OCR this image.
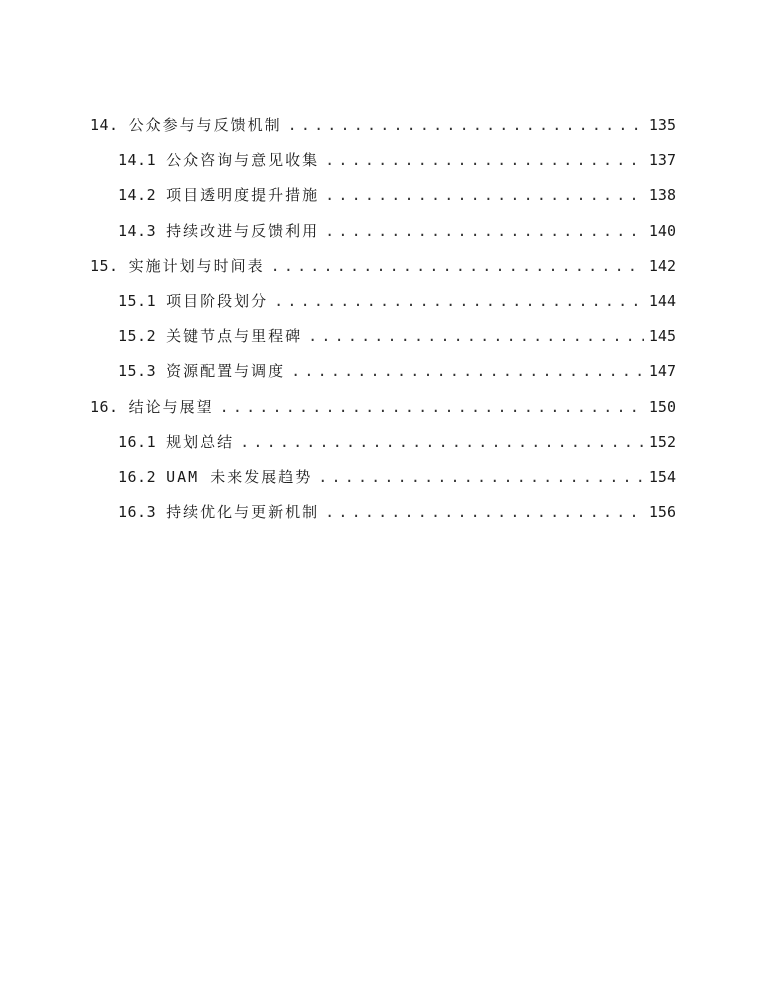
14. 公众参与与反馈机制 .....	135
14.1 公众咨询与意见收集 .....	137
14.2 项目透明度提升措施 .....	138
14.3 持续改进与反馈利用 .....	140
15. 实施计划与时间表 .....	142
15.1 项目阶段划分 .....	144
15.2 关键节点与里程碑 .....	145
15.3 资源配置与调度 .....	147
16. 结论与展望 .....	150
16.1 规划总结 .....	152
16.2 UAM 未来发展趋势 .....	154
16.3 持续优化与更新机制 .....	156
